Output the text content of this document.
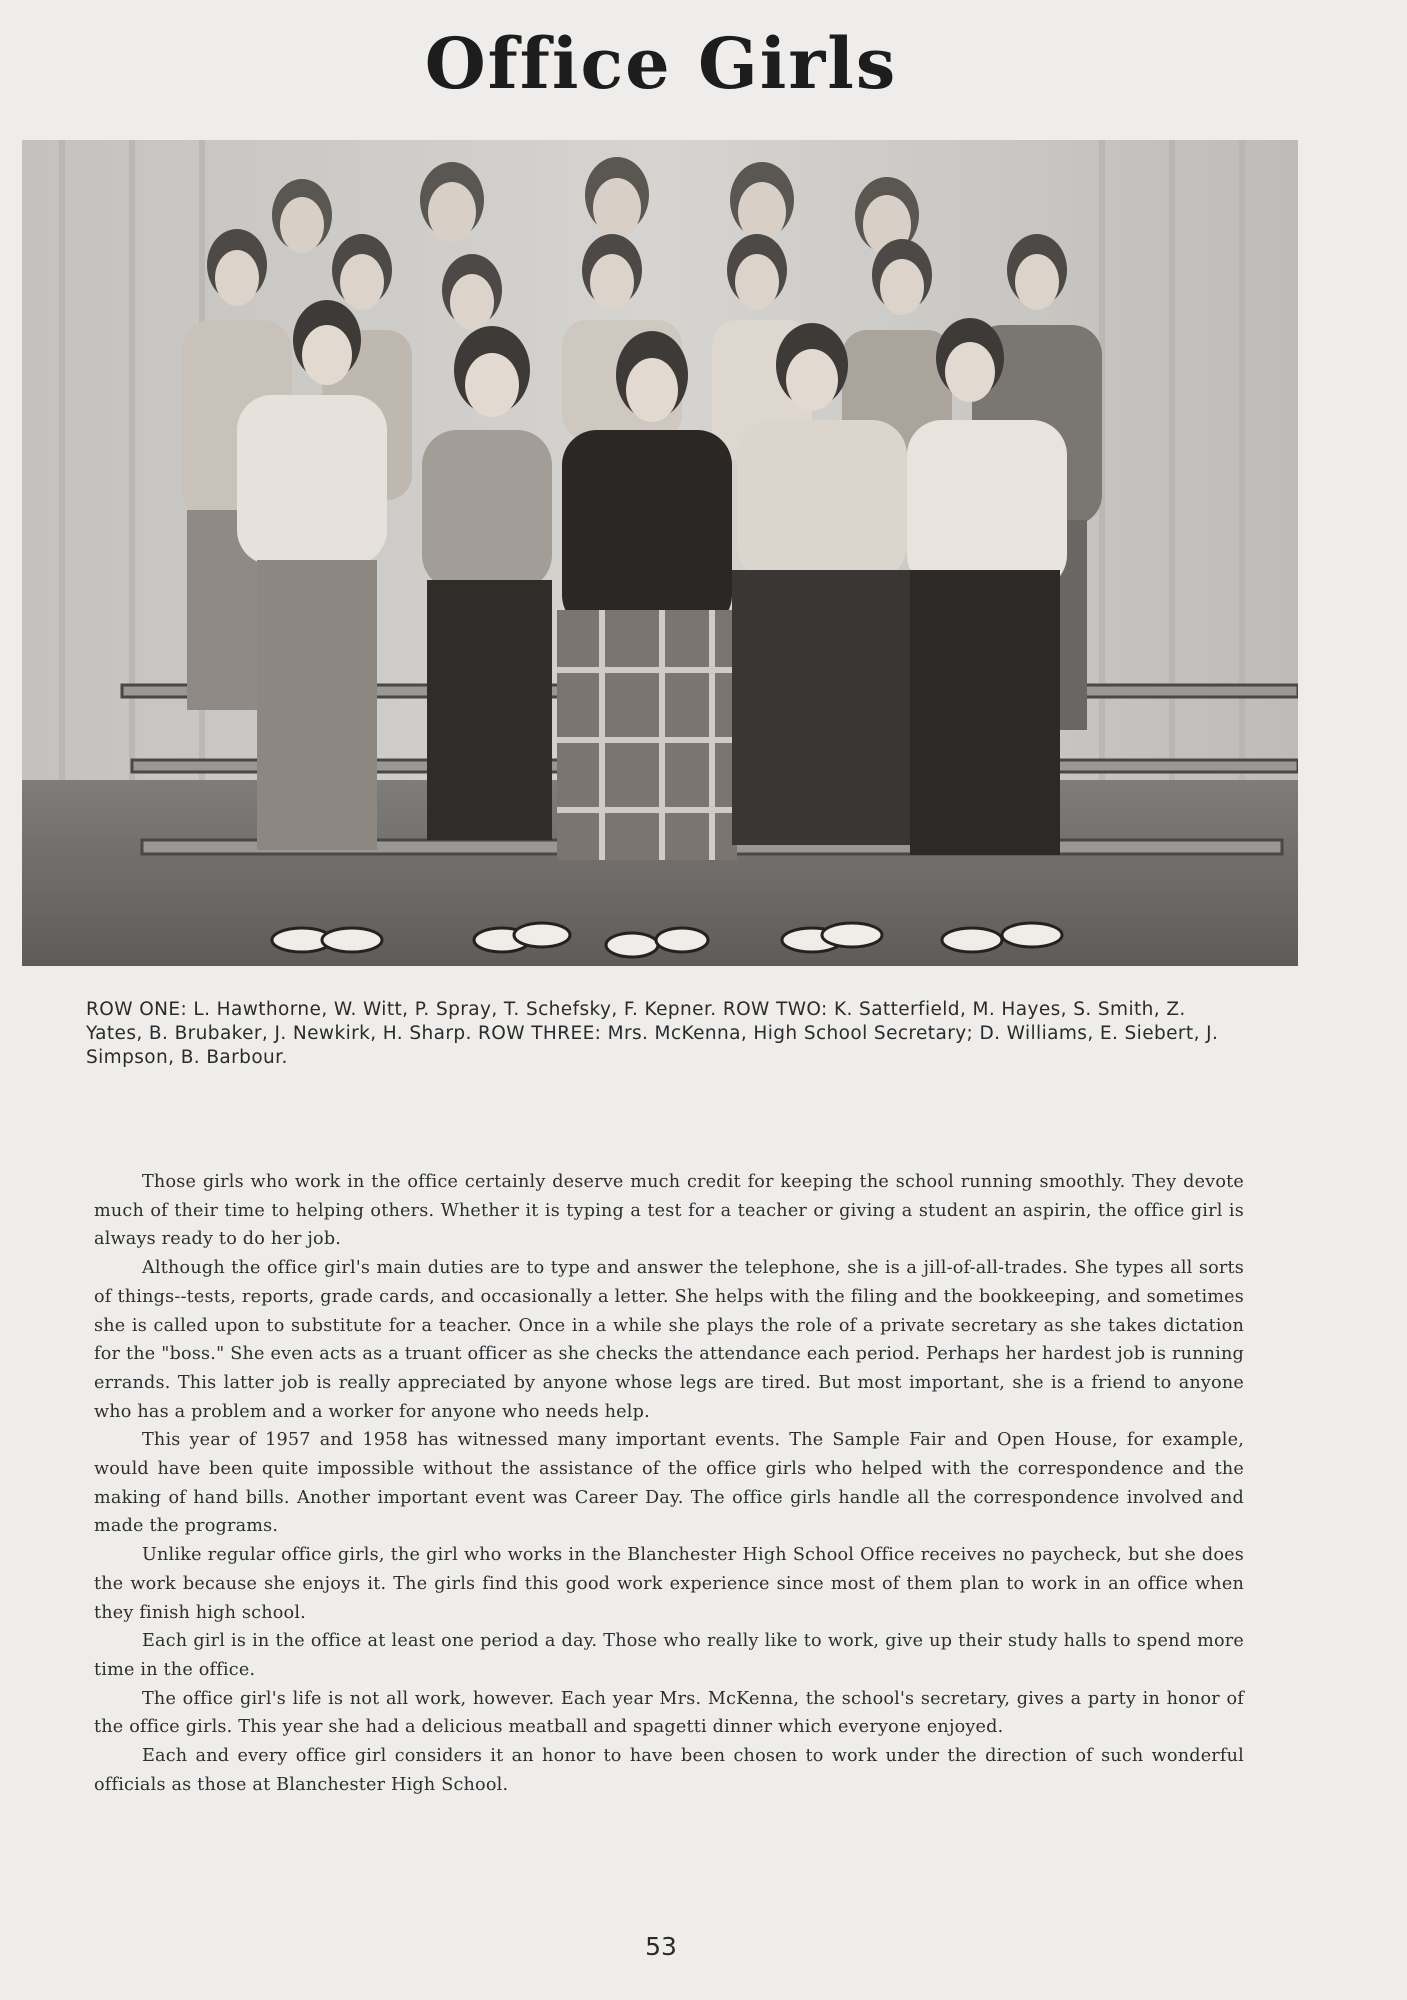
Office Girls
ROW ONE: L. Hawthorne, W. Witt, P. Spray, T. Schefsky, F. Kepner. ROW TWO: K. Satterfield, M. Hayes, S. Smith, Z. Yates, B. Brubaker, J. Newkirk, H. Sharp. ROW THREE: Mrs. McKenna, High School Secretary; D. Williams, E. Siebert, J. Simpson, B. Barbour.

Those girls who work in the office certainly deserve much credit for keeping the school running smoothly. They devote much of their time to helping others. Whether it is typing a test for a teacher or giving a student an aspirin, the office girl is always ready to do her job.

Although the office girl's main duties are to type and answer the telephone, she is a jill-of-all-trades. She types all sorts of things--tests, reports, grade cards, and occasionally a letter. She helps with the filing and the bookkeeping, and sometimes she is called upon to substitute for a teacher. Once in a while she plays the role of a private secretary as she takes dictation for the "boss." She even acts as a truant officer as she checks the attendance each period. Perhaps her hardest job is running errands. This latter job is really appreciated by anyone whose legs are tired. But most important, she is a friend to anyone who has a problem and a worker for anyone who needs help.

This year of 1957 and 1958 has witnessed many important events. The Sample Fair and Open House, for example, would have been quite impossible without the assistance of the office girls who helped with the correspondence and the making of hand bills. Another important event was Career Day. The office girls handle all the correspondence involved and made the programs.

Unlike regular office girls, the girl who works in the Blanchester High School Office receives no paycheck, but she does the work because she enjoys it. The girls find this good work experience since most of them plan to work in an office when they finish high school.

Each girl is in the office at least one period a day. Those who really like to work, give up their study halls to spend more time in the office.

The office girl's life is not all work, however. Each year Mrs. McKenna, the school's secretary, gives a party in honor of the office girls. This year she had a delicious meatball and spagetti dinner which everyone enjoyed.

Each and every office girl considers it an honor to have been chosen to work under the direction of such wonderful officials as those at Blanchester High School.

53
